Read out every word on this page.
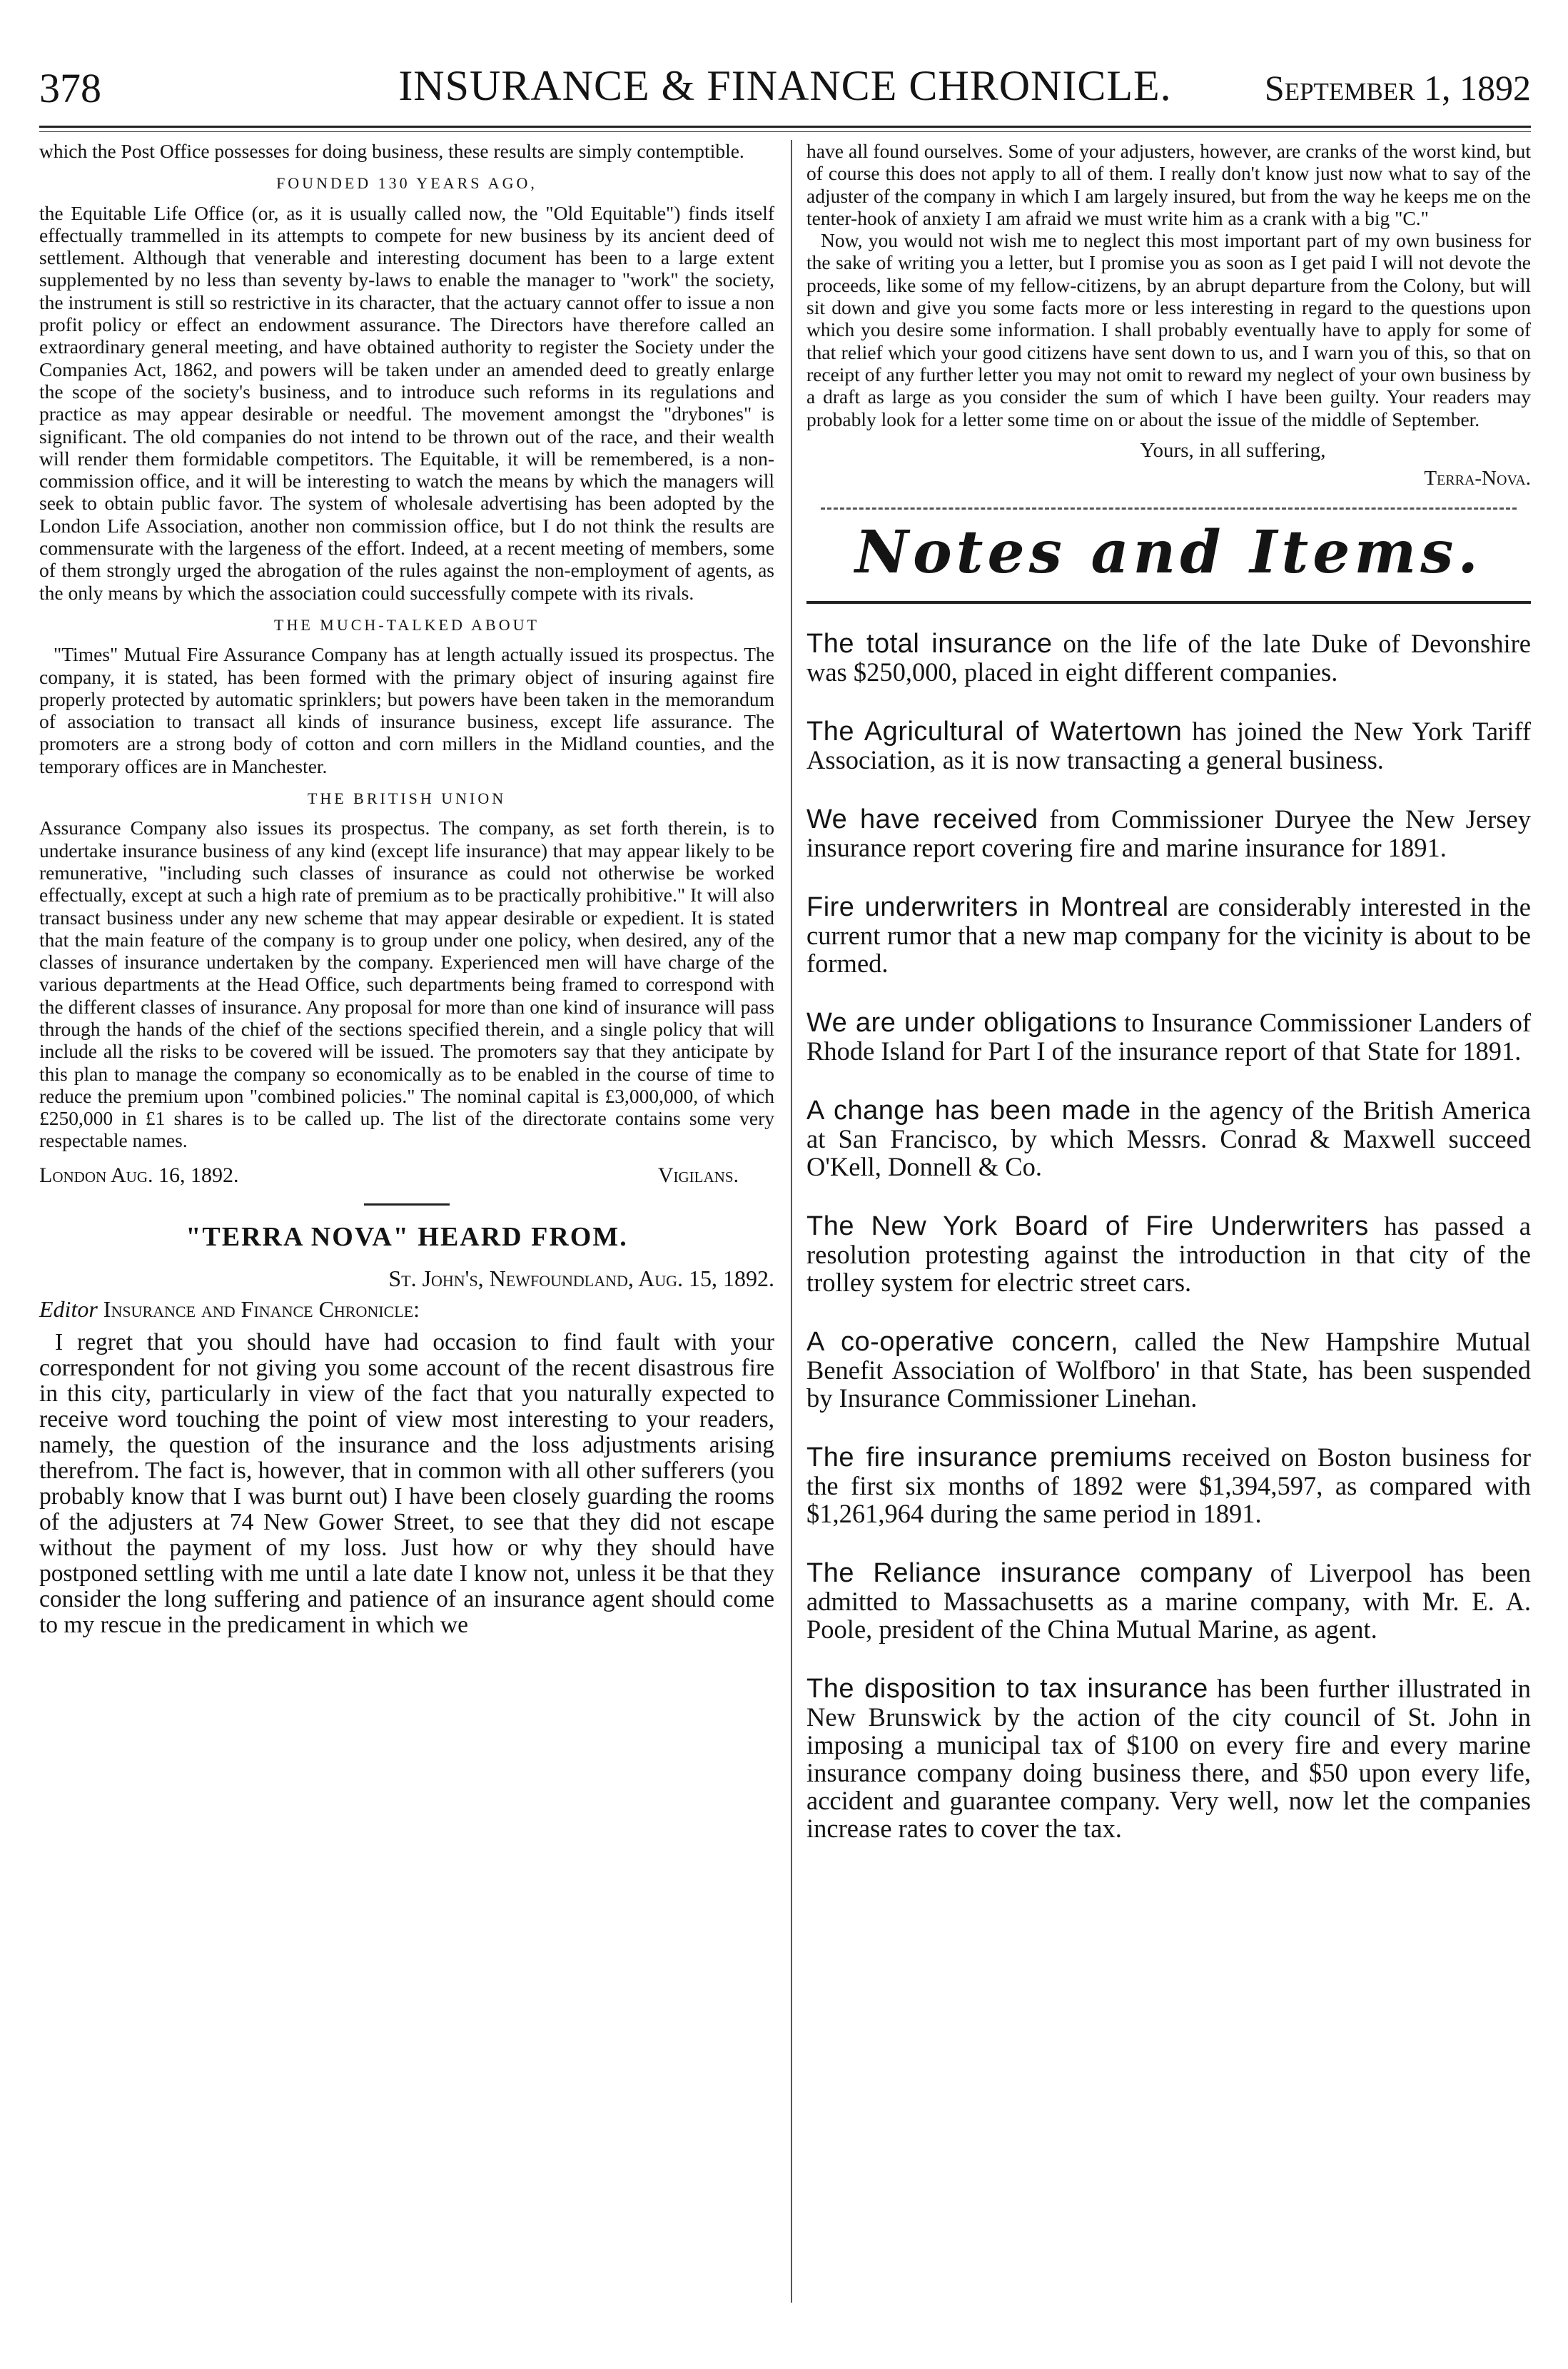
378	INSURANCE & FINANCE CHRONICLE.	September 1, 1892

which the Post Office possesses for doing business, these results are simply contemptible.

FOUNDED 130 YEARS AGO,

the Equitable Life Office (or, as it is usually called now, the "Old Equitable") finds itself effectually trammelled in its attempts to compete for new business by its ancient deed of settlement. Although that venerable and interesting document has been to a large extent supplemented by no less than seventy by-laws to enable the manager to "work" the society, the instrument is still so restrictive in its character, that the actuary cannot offer to issue a non profit policy or effect an endowment assurance. The Directors have therefore called an extraordinary general meeting, and have obtained authority to register the Society under the Companies Act, 1862, and powers will be taken under an amended deed to greatly enlarge the scope of the society's business, and to introduce such reforms in its regulations and practice as may appear desirable or needful. The movement amongst the "drybones" is significant. The old companies do not intend to be thrown out of the race, and their wealth will render them formidable competitors. The Equitable, it will be remembered, is a non-commission office, and it will be interesting to watch the means by which the managers will seek to obtain public favor. The system of wholesale advertising has been adopted by the London Life Association, another non commission office, but I do not think the results are commensurate with the largeness of the effort. Indeed, at a recent meeting of members, some of them strongly urged the abrogation of the rules against the non-employment of agents, as the only means by which the association could successfully compete with its rivals.

THE MUCH-TALKED ABOUT

"Times" Mutual Fire Assurance Company has at length actually issued its prospectus. The company, it is stated, has been formed with the primary object of insuring against fire properly protected by automatic sprinklers; but powers have been taken in the memorandum of association to transact all kinds of insurance business, except life assurance. The promoters are a strong body of cotton and corn millers in the Midland counties, and the temporary offices are in Manchester.

THE BRITISH UNION

Assurance Company also issues its prospectus. The company, as set forth therein, is to undertake insurance business of any kind (except life insurance) that may appear likely to be remunerative, "including such classes of insurance as could not otherwise be worked effectually, except at such a high rate of premium as to be practically prohibitive." It will also transact business under any new scheme that may appear desirable or expedient. It is stated that the main feature of the company is to group under one policy, when desired, any of the classes of insurance undertaken by the company. Experienced men will have charge of the various departments at the Head Office, such departments being framed to correspond with the different classes of insurance. Any proposal for more than one kind of insurance will pass through the hands of the chief of the sections specified therein, and a single policy that will include all the risks to be covered will be issued. The promoters say that they anticipate by this plan to manage the company so economically as to be enabled in the course of time to reduce the premium upon "combined policies." The nominal capital is £3,000,000, of which £250,000 in £1 shares is to be called up. The list of the directorate contains some very respectable names.

London Aug. 16, 1892.	Vigilans.
"TERRA NOVA" HEARD FROM.
St. John's, Newfoundland, Aug. 15, 1892.
Editor Insurance and Finance Chronicle:

I regret that you should have had occasion to find fault with your correspondent for not giving you some account of the recent disastrous fire in this city, particularly in view of the fact that you naturally expected to receive word touching the point of view most interesting to your readers, namely, the question of the insurance and the loss adjustments arising therefrom. The fact is, however, that in common with all other sufferers (you probably know that I was burnt out) I have been closely guarding the rooms of the adjusters at 74 New Gower Street, to see that they did not escape without the payment of my loss. Just how or why they should have postponed settling with me until a late date I know not, unless it be that they consider the long suffering and patience of an insurance agent should come to my rescue in the predicament in which we

have all found ourselves. Some of your adjusters, however, are cranks of the worst kind, but of course this does not apply to all of them. I really don't know just now what to say of the adjuster of the company in which I am largely insured, but from the way he keeps me on the tenter-hook of anxiety I am afraid we must write him as a crank with a big "C."

Now, you would not wish me to neglect this most important part of my own business for the sake of writing you a letter, but I promise you as soon as I get paid I will not devote the proceeds, like some of my fellow-citizens, by an abrupt departure from the Colony, but will sit down and give you some facts more or less interesting in regard to the questions upon which you desire some information. I shall probably eventually have to apply for some of that relief which your good citizens have sent down to us, and I warn you of this, so that on receipt of any further letter you may not omit to reward my neglect of your own business by a draft as large as you consider the sum of which I have been guilty. Your readers may probably look for a letter some time on or about the issue of the middle of September.

Yours, in all suffering,
Terra-Nova.
Notes and Items.

The total insurance on the life of the late Duke of Devonshire was $250,000, placed in eight different companies.

The Agricultural of Watertown has joined the New York Tariff Association, as it is now transacting a general business.

We have received from Commissioner Duryee the New Jersey insurance report covering fire and marine insurance for 1891.

Fire underwriters in Montreal are considerably interested in the current rumor that a new map company for the vicinity is about to be formed.

We are under obligations to Insurance Commissioner Landers of Rhode Island for Part I of the insurance report of that State for 1891.

A change has been made in the agency of the British America at San Francisco, by which Messrs. Conrad & Maxwell succeed O'Kell, Donnell & Co.

The New York Board of Fire Underwriters has passed a resolution protesting against the introduction in that city of the trolley system for electric street cars.

A co-operative concern, called the New Hampshire Mutual Benefit Association of Wolfboro' in that State, has been suspended by Insurance Commissioner Linehan.

The fire insurance premiums received on Boston business for the first six months of 1892 were $1,394,597, as compared with $1,261,964 during the same period in 1891.

The Reliance insurance company of Liverpool has been admitted to Massachusetts as a marine company, with Mr. E. A. Poole, president of the China Mutual Marine, as agent.

The disposition to tax insurance has been further illustrated in New Brunswick by the action of the city council of St. John in imposing a municipal tax of $100 on every fire and every marine insurance company doing business there, and $50 upon every life, accident and guarantee company. Very well, now let the companies increase rates to cover the tax.
